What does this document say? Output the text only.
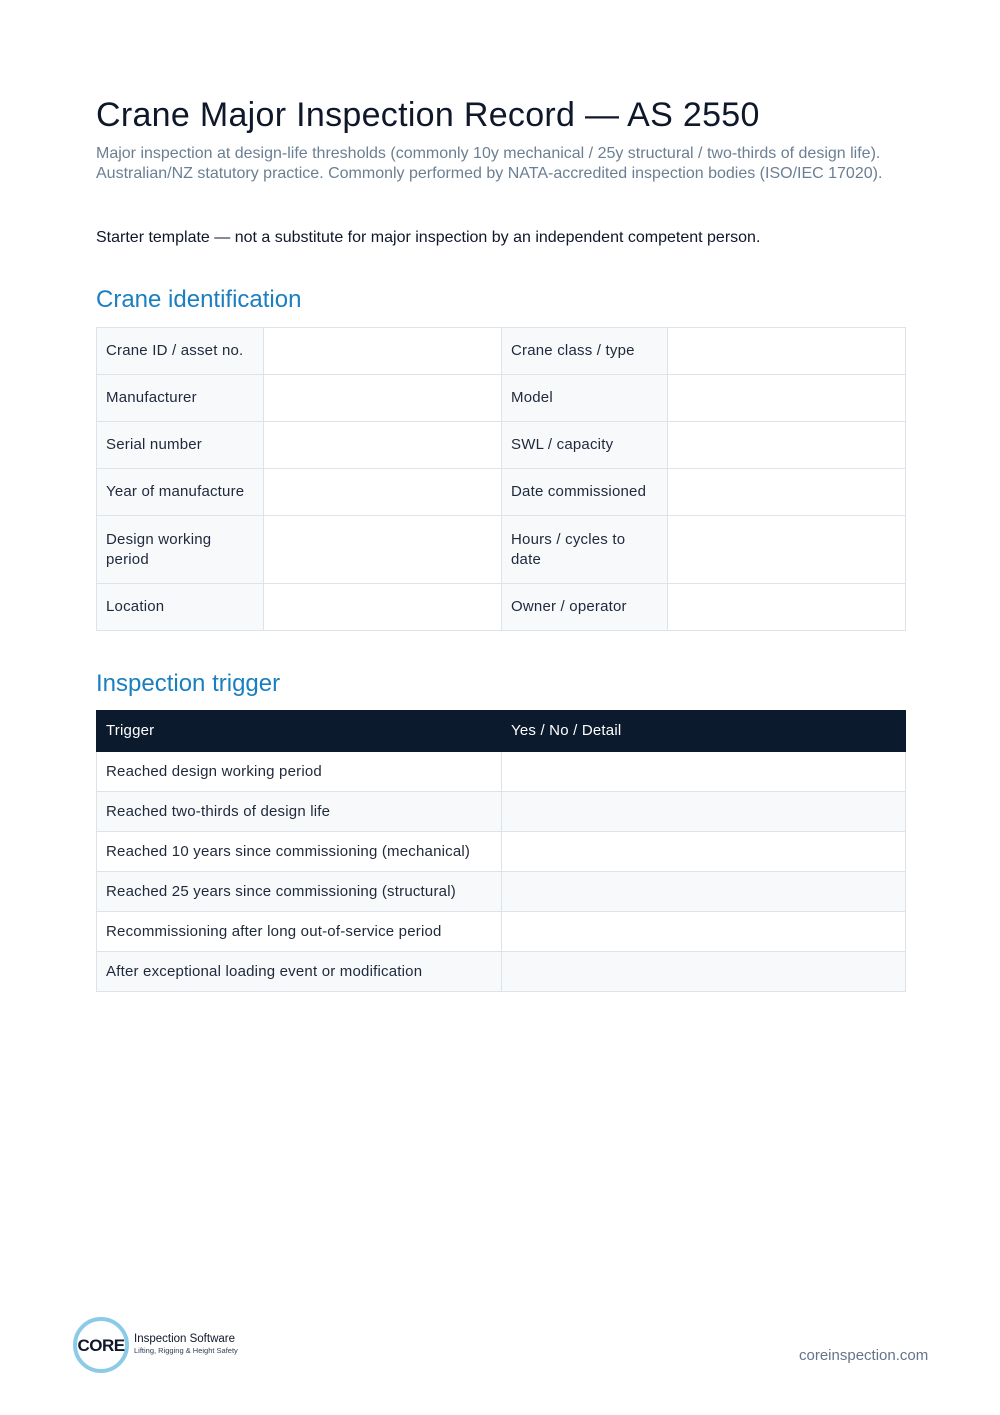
Crane Major Inspection Record — AS 2550

Major inspection at design-life thresholds (commonly 10y mechanical / 25y structural / two-thirds of design life). Australian/NZ statutory practice. Commonly performed by NATA-accredited inspection bodies (ISO/IEC 17020).

Starter template — not a substitute for major inspection by an independent competent person.

Crane identification
Crane ID / asset no.		Crane class / type	
Manufacturer		Model	
Serial number		SWL / capacity	
Year of manufacture		Date commissioned	
Design working period		Hours / cycles to date	
Location		Owner / operator	
Inspection trigger
Trigger	Yes / No / Detail
Reached design working period	
Reached two-thirds of design life	
Reached 10 years since commissioning (mechanical)	
Reached 25 years since commissioning (structural)	
Recommissioning after long out-of-service period	
After exceptional loading event or modification	
CORE Inspection Software
Lifting, Rigging & Height Safety	coreinspection.com
